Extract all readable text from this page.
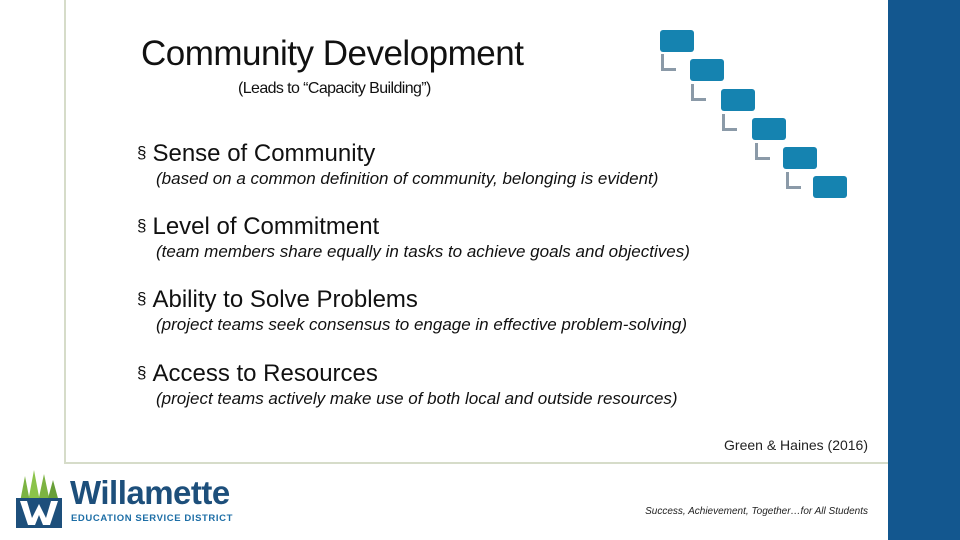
Community Development
(Leads to “Capacity Building”)
§ Sense of Community
(based on a common definition of community, belonging is evident)
§ Level of Commitment
(team members share equally in tasks to achieve goals and objectives)
§ Ability to Solve Problems
(project teams seek consensus to engage in effective problem-solving)
§ Access to Resources
(project teams actively make use of both local and outside resources)
Green & Haines (2016)
Willamette
EDUCATION SERVICE DISTRICT
Success, Achievement, Together…for All Students
